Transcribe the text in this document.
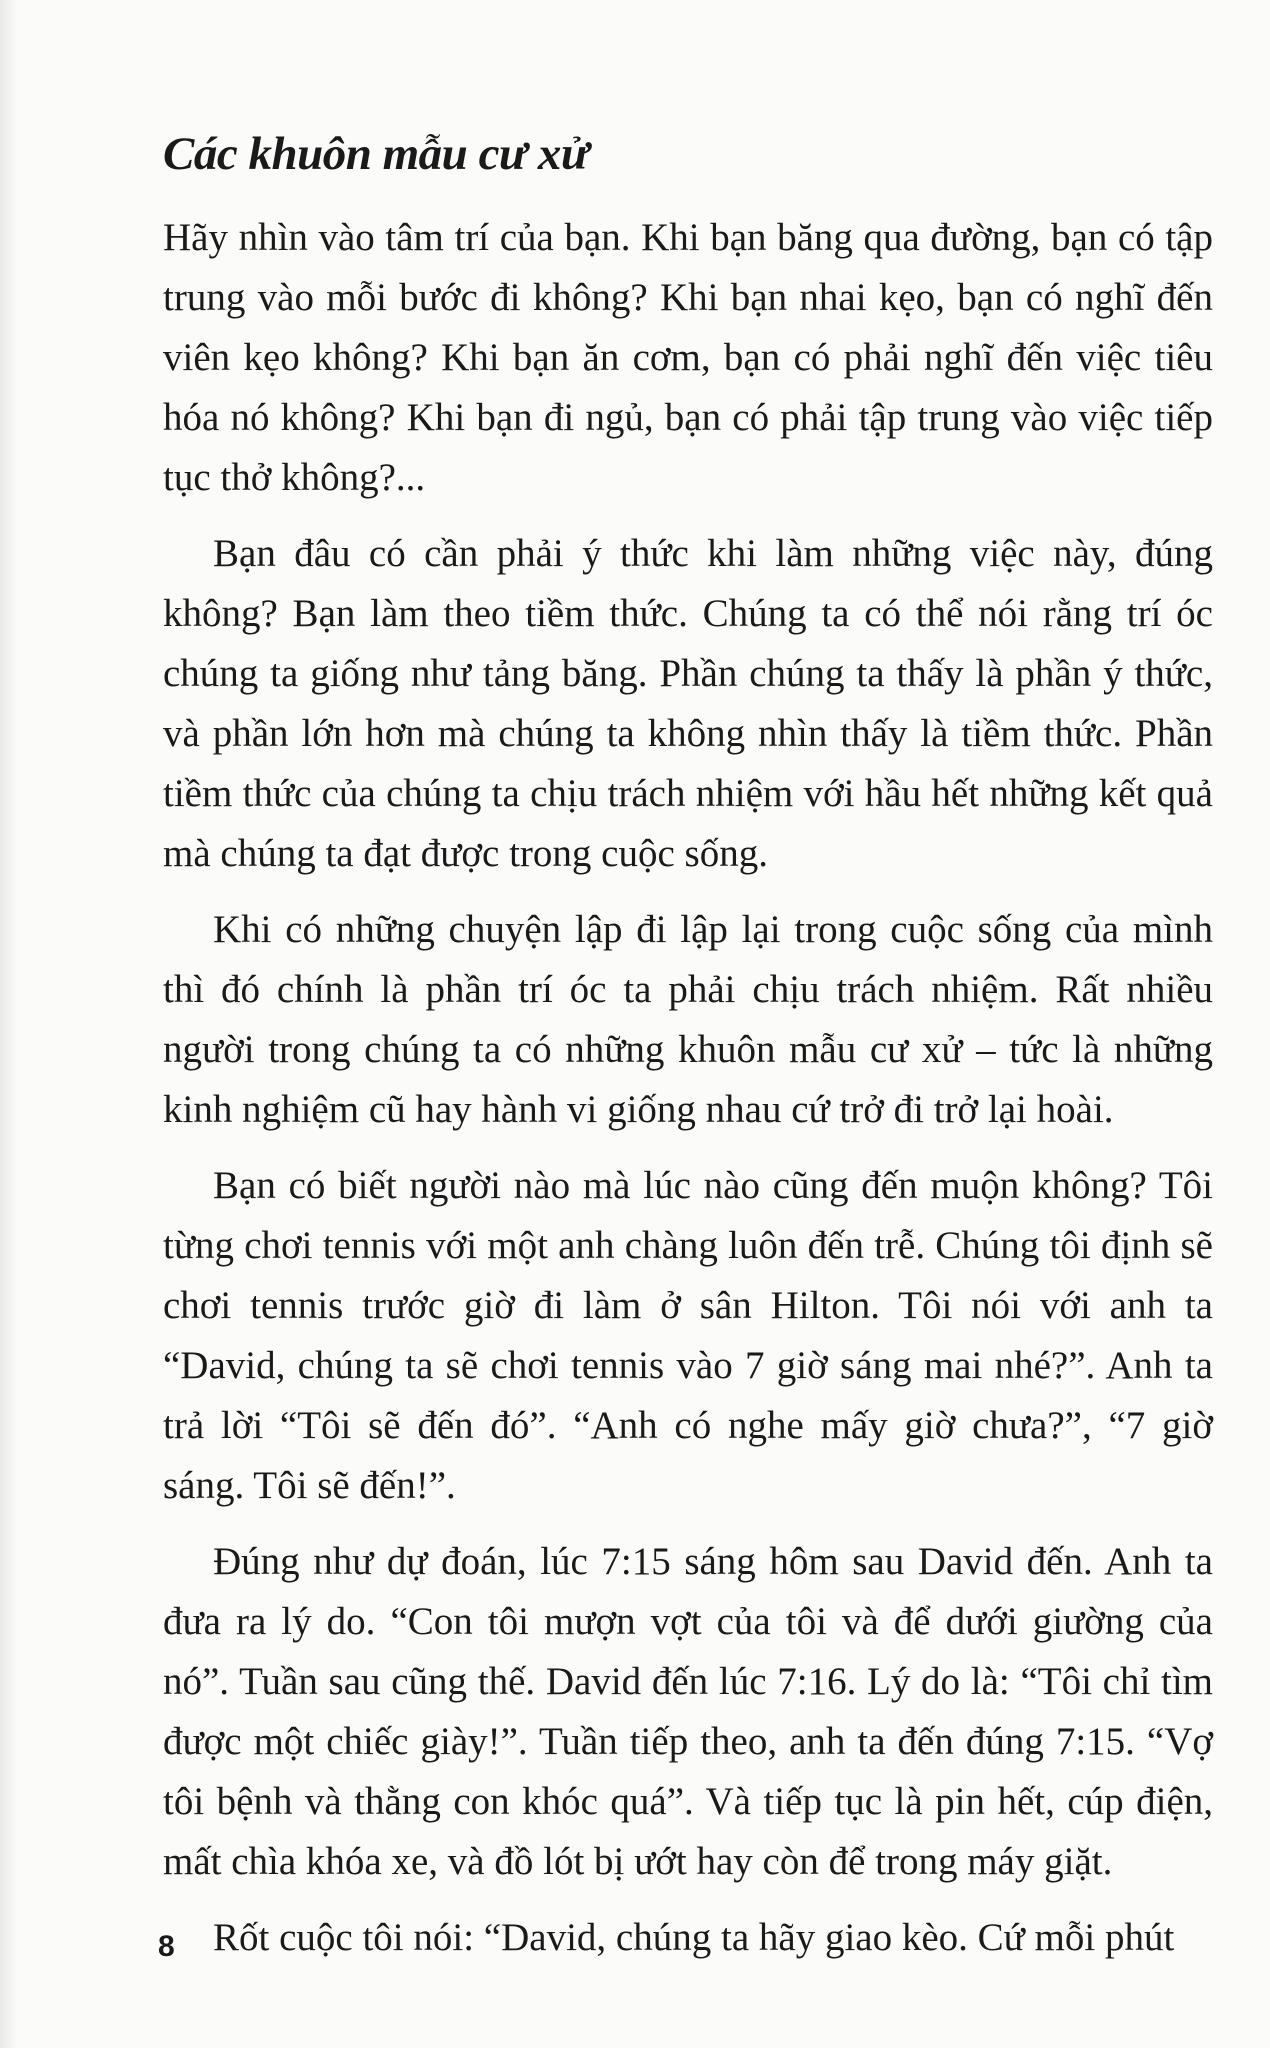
Các khuôn mẫu cư xử

Hãy nhìn vào tâm trí của bạn. Khi bạn băng qua đường, bạn có tập trung vào mỗi bước đi không? Khi bạn nhai kẹo, bạn có nghĩ đến viên kẹo không? Khi bạn ăn cơm, bạn có phải nghĩ đến việc tiêu hóa nó không? Khi bạn đi ngủ, bạn có phải tập trung vào việc tiếp tục thở không?...

Bạn đâu có cần phải ý thức khi làm những việc này, đúng không? Bạn làm theo tiềm thức. Chúng ta có thể nói rằng trí óc chúng ta giống như tảng băng. Phần chúng ta thấy là phần ý thức, và phần lớn hơn mà chúng ta không nhìn thấy là tiềm thức. Phần tiềm thức của chúng ta chịu trách nhiệm với hầu hết những kết quả mà chúng ta đạt được trong cuộc sống.

Khi có những chuyện lập đi lập lại trong cuộc sống của mình thì đó chính là phần trí óc ta phải chịu trách nhiệm. Rất nhiều người trong chúng ta có những khuôn mẫu cư xử – tức là những kinh nghiệm cũ hay hành vi giống nhau cứ trở đi trở lại hoài.

Bạn có biết người nào mà lúc nào cũng đến muộn không? Tôi từng chơi tennis với một anh chàng luôn đến trễ. Chúng tôi định sẽ chơi tennis trước giờ đi làm ở sân Hilton. Tôi nói với anh ta “David, chúng ta sẽ chơi tennis vào 7 giờ sáng mai nhé?”. Anh ta trả lời “Tôi sẽ đến đó”. “Anh có nghe mấy giờ chưa?”, “7 giờ sáng. Tôi sẽ đến!”.

Đúng như dự đoán, lúc 7:15 sáng hôm sau David đến. Anh ta đưa ra lý do. “Con tôi mượn vợt của tôi và để dưới giường của nó”. Tuần sau cũng thế. David đến lúc 7:16. Lý do là: “Tôi chỉ tìm được một chiếc giày!”. Tuần tiếp theo, anh ta đến đúng 7:15. “Vợ tôi bệnh và thằng con khóc quá”. Và tiếp tục là pin hết, cúp điện, mất chìa khóa xe, và đồ lót bị ướt hay còn để trong máy giặt.

Rốt cuộc tôi nói: “David, chúng ta hãy giao kèo. Cứ mỗi phút

8
